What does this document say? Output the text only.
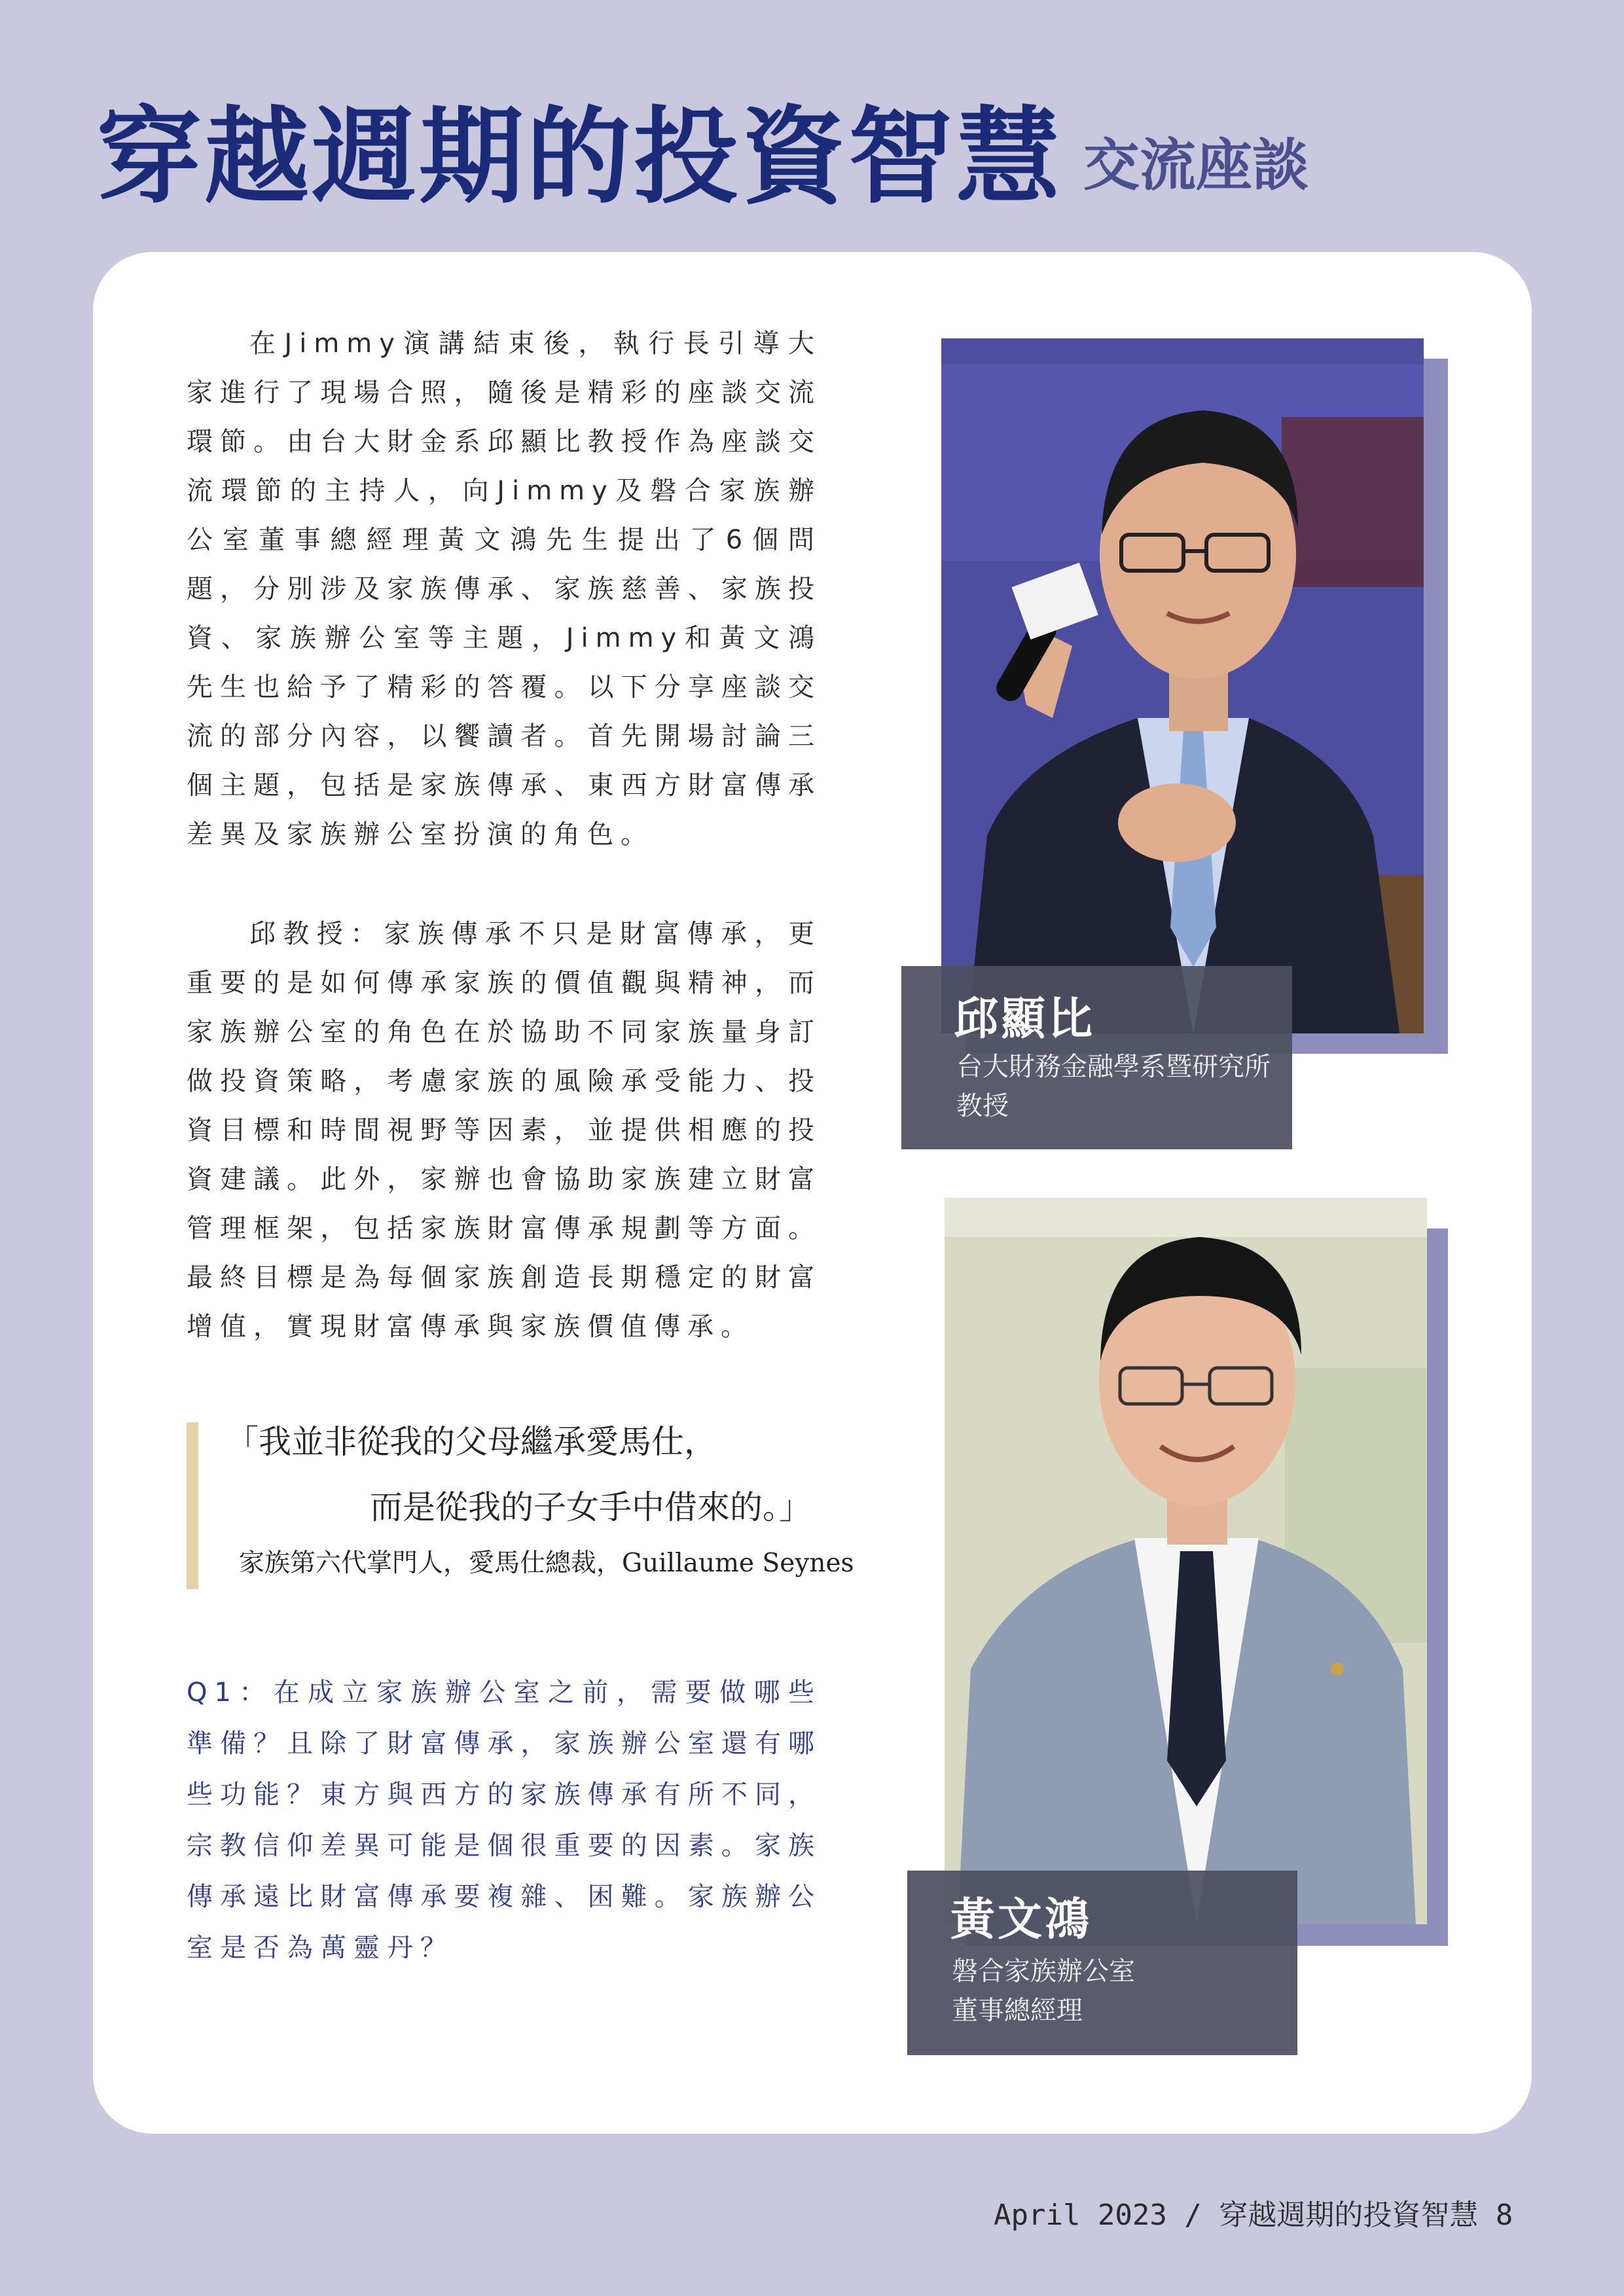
穿越週期的投資智慧 交流座談

在Jimmy演講結束後，執行長引導大家進行了現場合照，隨後是精彩的座談交流環節。由台大財金系邱顯比教授作為座談交流環節的主持人，向Jimmy及磐合家族辦公室董事總經理黃文鴻先生提出了6個問題，分別涉及家族傳承、家族慈善、家族投資、家族辦公室等主題，Jimmy和黃文鴻先生也給予了精彩的答覆。以下分享座談交流的部分內容，以饗讀者。首先開場討論三個主題，包括是家族傳承、東西方財富傳承差異及家族辦公室扮演的角色。

邱教授：家族傳承不只是財富傳承，更重要的是如何傳承家族的價值觀與精神，而家族辦公室的角色在於協助不同家族量身訂做投資策略，考慮家族的風險承受能力、投資目標和時間視野等因素，並提供相應的投資建議。此外，家辦也會協助家族建立財富管理框架，包括家族財富傳承規劃等方面。最終目標是為每個家族創造長期穩定的財富增值，實現財富傳承與家族價值傳承。

「我並非從我的父母繼承愛馬仕，
而是從我的子女手中借來的。」
家族第六代掌門人，愛馬仕總裁，Guillaume Seynes

Q1：在成立家族辦公室之前，需要做哪些準備？且除了財富傳承，家族辦公室還有哪些功能？東方與西方的家族傳承有所不同，宗教信仰差異可能是個很重要的因素。家族傳承遠比財富傳承要複雜、困難。家族辦公室是否為萬靈丹？

邱顯比
台大財務金融學系暨研究所
教授
黃文鴻
磐合家族辦公室
董事總經理
April 2023 / 穿越週期的投資智慧 8
